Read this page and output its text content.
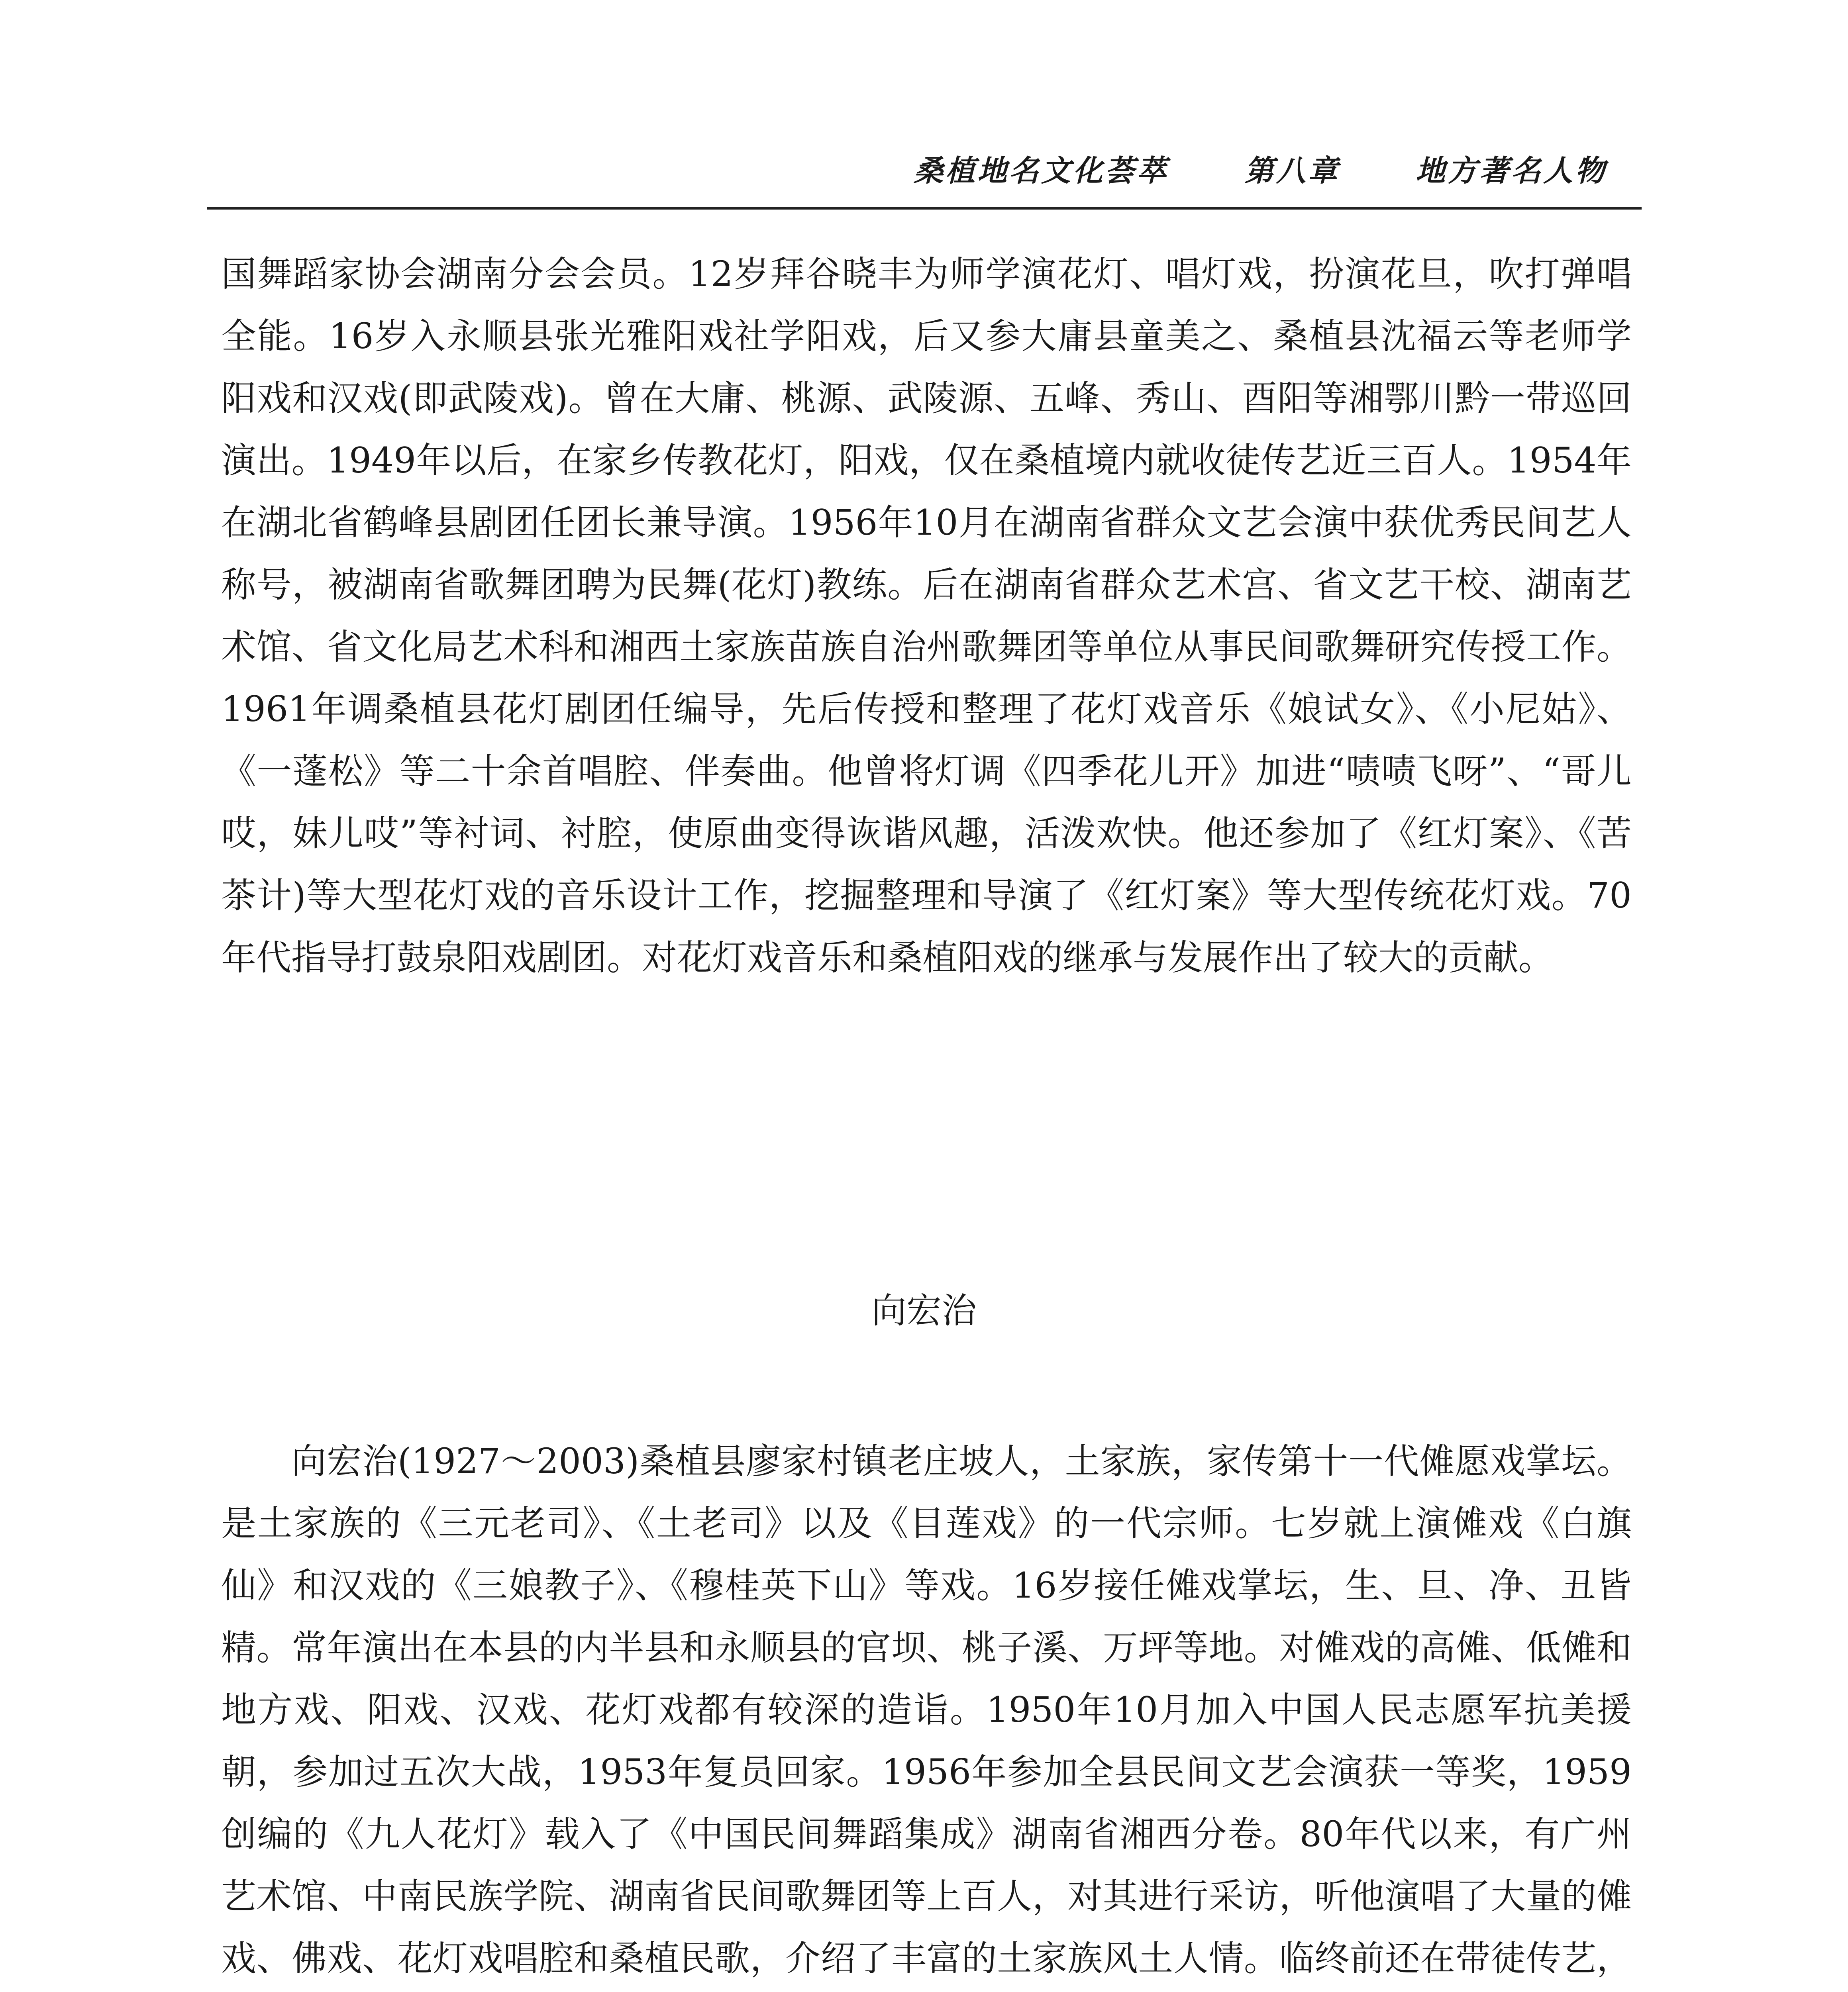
桑植地名文化荟萃	第八章	地方著名人物

国舞蹈家协会湖南分会会员。12岁拜谷晓丰为师学演花灯、唱灯戏，扮演花旦，吹打弹唱全能。16岁入永顺县张光雅阳戏社学阳戏，后又参大庸县童美之、桑植县沈福云等老师学阳戏和汉戏(即武陵戏)。曾在大庸、桃源、武陵源、五峰、秀山、酉阳等湘鄂川黔一带巡回演出。1949年以后，在家乡传教花灯，阳戏，仅在桑植境内就收徒传艺近三百人。1954年在湖北省鹤峰县剧团任团长兼导演。1956年10月在湖南省群众文艺会演中获优秀民间艺人称号，被湖南省歌舞团聘为民舞(花灯)教练。后在湖南省群众艺术宫、省文艺干校、湖南艺术馆、省文化局艺术科和湘西土家族苗族自治州歌舞团等单位从事民间歌舞研究传授工作。1961年调桑植县花灯剧团任编导，先后传授和整理了花灯戏音乐《娘试女》、《小尼姑》、《一蓬松》等二十余首唱腔、伴奏曲。他曾将灯调《四季花儿开》加进“啧啧飞呀”、“哥儿哎，妹儿哎”等衬词、衬腔，使原曲变得诙谐风趣，活泼欢快。他还参加了《红灯案》、《苦茶计)等大型花灯戏的音乐设计工作，挖掘整理和导演了《红灯案》等大型传统花灯戏。70年代指导打鼓泉阳戏剧团。对花灯戏音乐和桑植阳戏的继承与发展作出了较大的贡献。

向宏治

向宏治(1927～2003)桑植县廖家村镇老庄坡人，土家族，家传第十一代傩愿戏掌坛。是土家族的《三元老司》、《土老司》以及《目莲戏》的一代宗师。七岁就上演傩戏《白旗仙》和汉戏的《三娘教子》、《穆桂英下山》等戏。16岁接任傩戏掌坛，生、旦、净、丑皆精。常年演出在本县的内半县和永顺县的官坝、桃子溪、万坪等地。对傩戏的高傩、低傩和地方戏、阳戏、汉戏、花灯戏都有较深的造诣。1950年10月加入中国人民志愿军抗美援朝，参加过五次大战，1953年复员回家。1956年参加全县民间文艺会演获一等奖，1959创编的《九人花灯》载入了《中国民间舞蹈集成》湖南省湘西分卷。80年代以来，有广州艺术馆、中南民族学院、湖南省民间歌舞团等上百人，对其进行采访，听他演唱了大量的傩戏、佛戏、花灯戏唱腔和桑植民歌，介绍了丰富的土家族风土人情。临终前还在带徒传艺，
